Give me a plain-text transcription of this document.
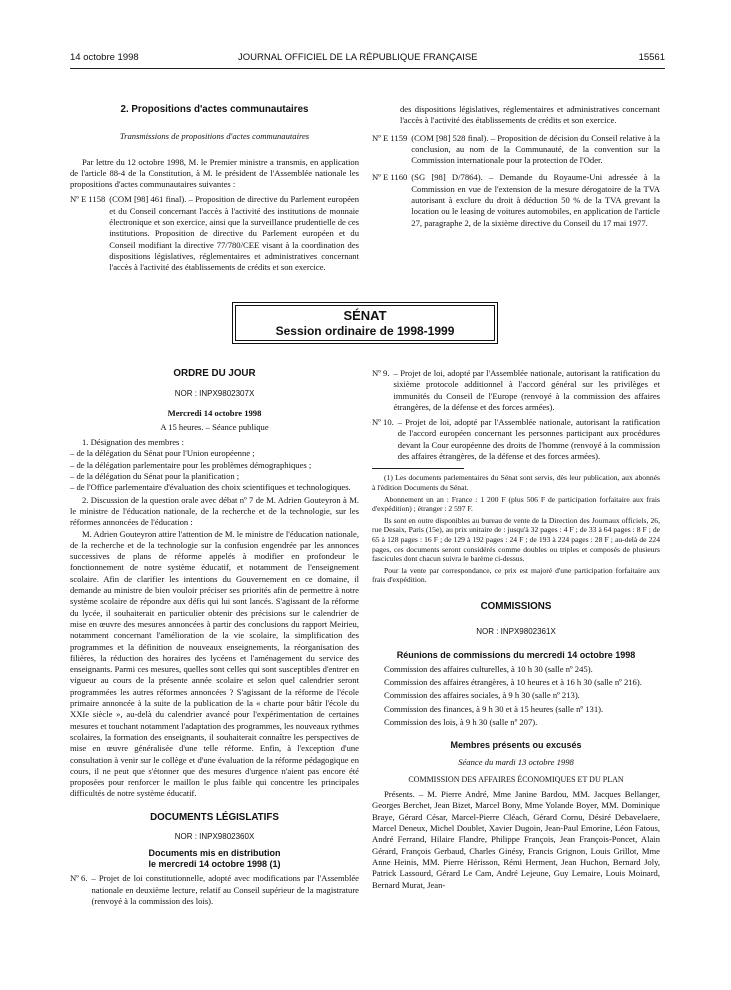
14 octobre 1998	JOURNAL OFFICIEL DE LA RÉPUBLIQUE FRANÇAISE	15561

2. Propositions d'actes communautaires

Transmissions de propositions d'actes communautaires

Par lettre du 12 octobre 1998, M. le Premier ministre a transmis, en application de l'article 88-4 de la Constitution, à M. le président de l'Assemblée nationale les propositions d'actes communautaires suivantes :

Nº E 1158 (COM [98] 461 final). – Proposition de directive du Parlement européen et du Conseil concernant l'accès à l'activité des institutions de monnaie électronique et son exercice, ainsi que la surveillance prudentielle de ces institutions. Proposition de directive du Parlement européen et du Conseil modifiant la directive 77/780/CEE visant à la coordination des dispositions législatives, réglementaires et administratives concernant l'accès à l'activité des établissements de crédits et son exercice.
des dispositions législatives, réglementaires et administratives concernant l'accès à l'activité des établissements de crédits et son exercice.
Nº E 1159 (COM [98] 528 final). – Proposition de décision du Conseil relative à la conclusion, au nom de la Communauté, de la convention sur la Commission internationale pour la protection de l'Oder.
Nº E 1160 (SG [98] D/7864). – Demande du Royaume-Uni adressée à la Commission en vue de l'extension de la mesure dérogatoire de la TVA autorisant à exclure du droit à déduction 50 % de la TVA grevant la location ou le leasing de voitures automobiles, en application de l'article 27, paragraphe 2, de la sixième directive du Conseil du 17 mai 1977.
SÉNAT
Session ordinaire de 1998-1999

ORDRE DU JOUR

NOR : INPX9802307X

Mercredi 14 octobre 1998

A 15 heures. – Séance publique

1. Désignation des membres :

– de la délégation du Sénat pour l'Union européenne ;

– de la délégation parlementaire pour les problèmes démographiques ;

– de la délégation du Sénat pour la planification ;

– de l'Office parlementaire d'évaluation des choix scientifiques et technologiques.

2. Discussion de la question orale avec débat nº 7 de M. Adrien Gouteyron à M. le ministre de l'éducation nationale, de la recherche et de la technologie, sur les réformes annoncées de l'éducation :

M. Adrien Gouteyron attire l'attention de M. le ministre de l'éducation nationale, de la recherche et de la technologie sur la confusion engendrée par les annonces successives de plans de réforme appelés à modifier en profondeur le fonctionnement de notre système éducatif, et notamment de l'enseignement scolaire. Afin de clarifier les intentions du Gouvernement en ce domaine, il demande au ministre de bien vouloir préciser ses priorités afin de permettre à notre système scolaire de répondre aux défis qui lui sont lancés. S'agissant de la réforme du lycée, il souhaiterait en particulier obtenir des précisions sur le calendrier de mise en œuvre des mesures annoncées à partir des conclusions du rapport Meirieu, notamment concernant l'amélioration de la vie scolaire, la simplification des programmes et la définition de nouveaux enseignements, la réorganisation des filières, la réduction des horaires des lycéens et l'aménagement du service des enseignants. Parmi ces mesures, quelles sont celles qui sont susceptibles d'entrer en vigueur au cours de la présente année scolaire et selon quel calendrier seront programmées les autres réformes annoncées ? S'agissant de la réforme de l'école primaire annoncée à la suite de la publication de la « charte pour bâtir l'école du XXIe siècle », au-delà du calendrier avancé pour l'expérimentation de certaines mesures et touchant notamment l'adaptation des programmes, les nouveaux rythmes scolaires, la formation des enseignants, il souhaiterait connaître les perspectives de mise en œuvre généralisée d'une telle réforme. Enfin, à l'exception d'une consultation à venir sur le collège et d'une évaluation de la réforme pédagogique en cours, il ne peut que s'étonner que des mesures d'urgence n'aient pas encore été proposées pour renforcer le maillon le plus faible qui concentre les principales difficultés de notre système éducatif.

DOCUMENTS LÉGISLATIFS

NOR : INPX9802360X

Documents mis en distribution

le mercredi 14 octobre 1998 (1)

Nº 6. – Projet de loi constitutionnelle, adopté avec modifications par l'Assemblée nationale en deuxième lecture, relatif au Conseil supérieur de la magistrature (renvoyé à la commission des lois).
Nº 9. – Projet de loi, adopté par l'Assemblée nationale, autorisant la ratification du sixième protocole additionnel à l'accord général sur les privilèges et immunités du Conseil de l'Europe (renvoyé à la commission des affaires étrangères, de la défense et des forces armées).
Nº 10. – Projet de loi, adopté par l'Assemblée nationale, autorisant la ratification de l'accord européen concernant les personnes participant aux procédures devant la Cour européenne des droits de l'homme (renvoyé à la commission des affaires étrangères, de la défense et des forces armées).

(1) Les documents parlementaires du Sénat sont servis, dès leur publication, aux abonnés à l'édition Documents du Sénat.

Abonnement un an : France : 1 200 F (plus 506 F de participation forfaitaire aux frais d'expédition) ; étranger : 2 597 F.

Ils sont en outre disponibles au bureau de vente de la Direction des Journaux officiels, 26, rue Desaix, Paris (15e), au prix unitaire de : jusqu'à 32 pages : 4 F ; de 33 à 64 pages : 8 F ; de 65 à 128 pages : 16 F ; de 129 à 192 pages : 24 F ; de 193 à 224 pages : 28 F ; au-delà de 224 pages, ces documents seront considérés comme doubles ou triples et composés de plusieurs fascicules dont chacun suivra le barème ci-dessus.

Pour la vente par correspondance, ce prix est majoré d'une participation forfaitaire aux frais d'expédition.

COMMISSIONS

NOR : INPX9802361X

Réunions de commissions du mercredi 14 octobre 1998

Commission des affaires culturelles, à 10 h 30 (salle nº 245).

Commission des affaires étrangères, à 10 heures et à 16 h 30 (salle nº 216).

Commission des affaires sociales, à 9 h 30 (salle nº 213).

Commission des finances, à 9 h 30 et à 15 heures (salle nº 131).

Commission des lois, à 9 h 30 (salle nº 207).

Membres présents ou excusés

Séance du mardi 13 octobre 1998

COMMISSION DES AFFAIRES ÉCONOMIQUES ET DU PLAN

Présents. – M. Pierre André, Mme Janine Bardou, MM. Jacques Bellanger, Georges Berchet, Jean Bizet, Marcel Bony, Mme Yolande Boyer, MM. Dominique Braye, Gérard César, Marcel-Pierre Cléach, Gérard Cornu, Désiré Debavelaere, Marcel Deneux, Michel Doublet, Xavier Dugoin, Jean-Paul Emorine, Léon Fatous, André Ferrand, Hilaire Flandre, Philippe François, Jean François-Poncet, Alain Gérard, François Gerbaud, Charles Ginésy, Francis Grignon, Louis Grillot, Mme Anne Heinis, MM. Pierre Hérisson, Rémi Herment, Jean Huchon, Bernard Joly, Patrick Lassourd, Gérard Le Cam, André Lejeune, Guy Lemaire, Louis Moinard, Bernard Murat, Jean-
